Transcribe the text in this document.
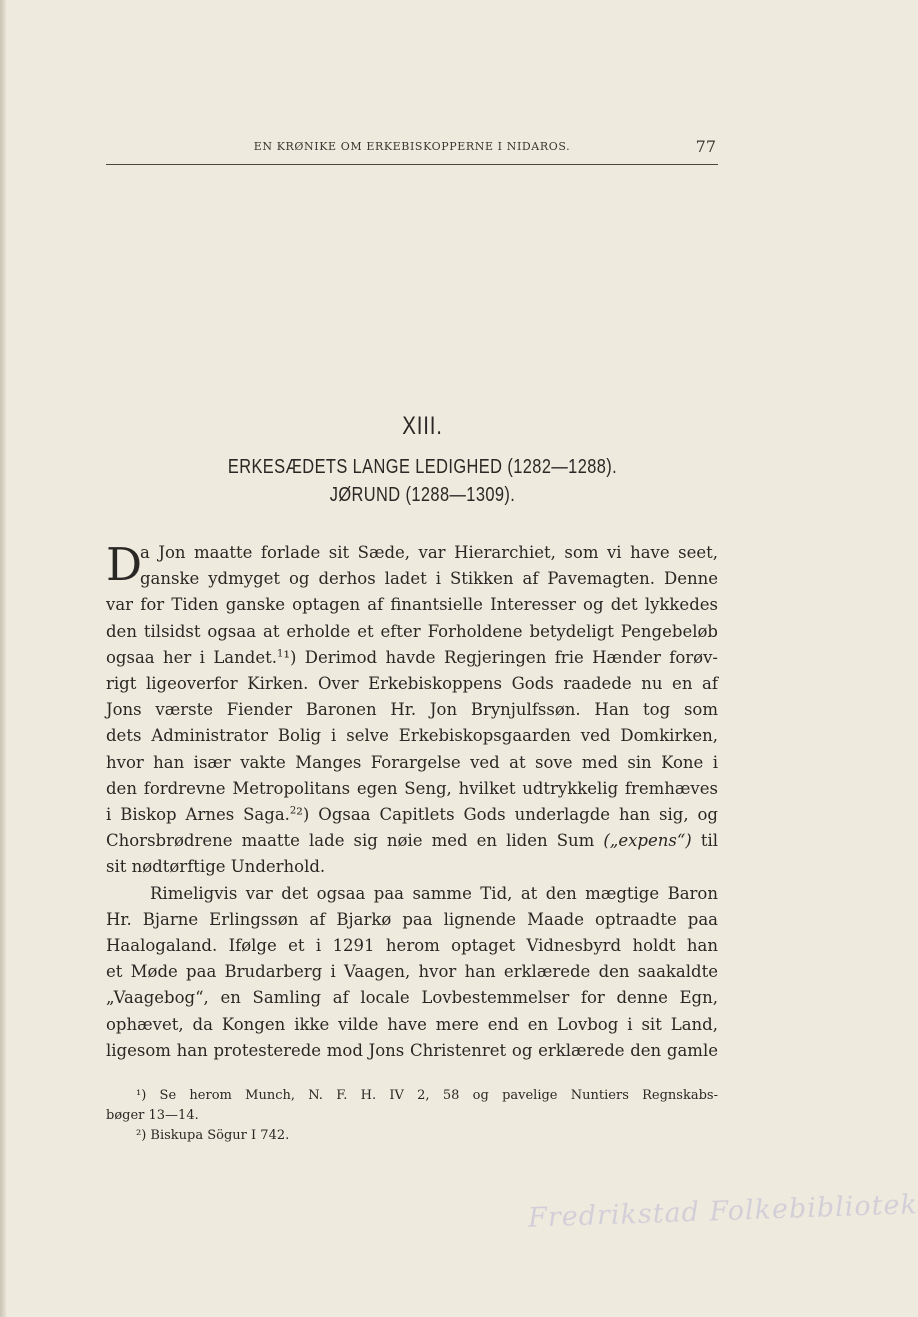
EN KRØNIKE OM ERKEBISKOPPERNE I NIDAROS.	77
XIII.
ERKESÆDETS LANGE LEDIGHED (1282—1288).
JØRUND (1288—1309).
D
a Jon maatte forlade sit Sæde, var Hierarchiet, som vi have seet,
ganske ydmyget og derhos ladet i Stikken af Pavemagten. Denne
var for Tiden ganske optagen af finantsielle Interesser og det lykkedes
den tilsidst ogsaa at erholde et efter Forholdene betydeligt Pengebeløb
ogsaa her i Landet.$^1$¹) Derimod havde Regjeringen frie Hænder forøv-
rigt ligeoverfor Kirken. Over Erkebiskoppens Gods raadede nu en af
Jons værste Fiender Baronen Hr. Jon Brynjulfssøn. Han tog som
dets Administrator Bolig i selve Erkebiskopsgaarden ved Domkirken,
hvor han især vakte Manges Forargelse ved at sove med sin Kone i
den fordrevne Metropolitans egen Seng, hvilket udtrykkelig fremhæves
i Biskop Arnes Saga.$^2$²) Ogsaa Capitlets Gods underlagde han sig, og
Chorsbrødrene maatte lade sig nøie med en liden Sum („expens“) til
sit nødtørftige Underhold.
Rimeligvis var det ogsaa paa samme Tid, at den mægtige Baron
Hr. Bjarne Erlingssøn af Bjarkø paa lignende Maade optraadte paa
Haalogaland. Ifølge et i 1291 herom optaget Vidnesbyrd holdt han
et Møde paa Brudarberg i Vaagen, hvor han erklærede den saakaldte
„Vaagebog“, en Samling af locale Lovbestemmelser for denne Egn,
ophævet, da Kongen ikke vilde have mere end en Lovbog i sit Land,
ligesom han protesterede mod Jons Christenret og erklærede den gamle
¹) Se herom Munch, N. F. H. IV 2, 58 og pavelige Nuntiers Regnskabs-
bøger 13—14.
²) Biskupa Sögur I 742.
Fredrikstad Folkebibliotek
